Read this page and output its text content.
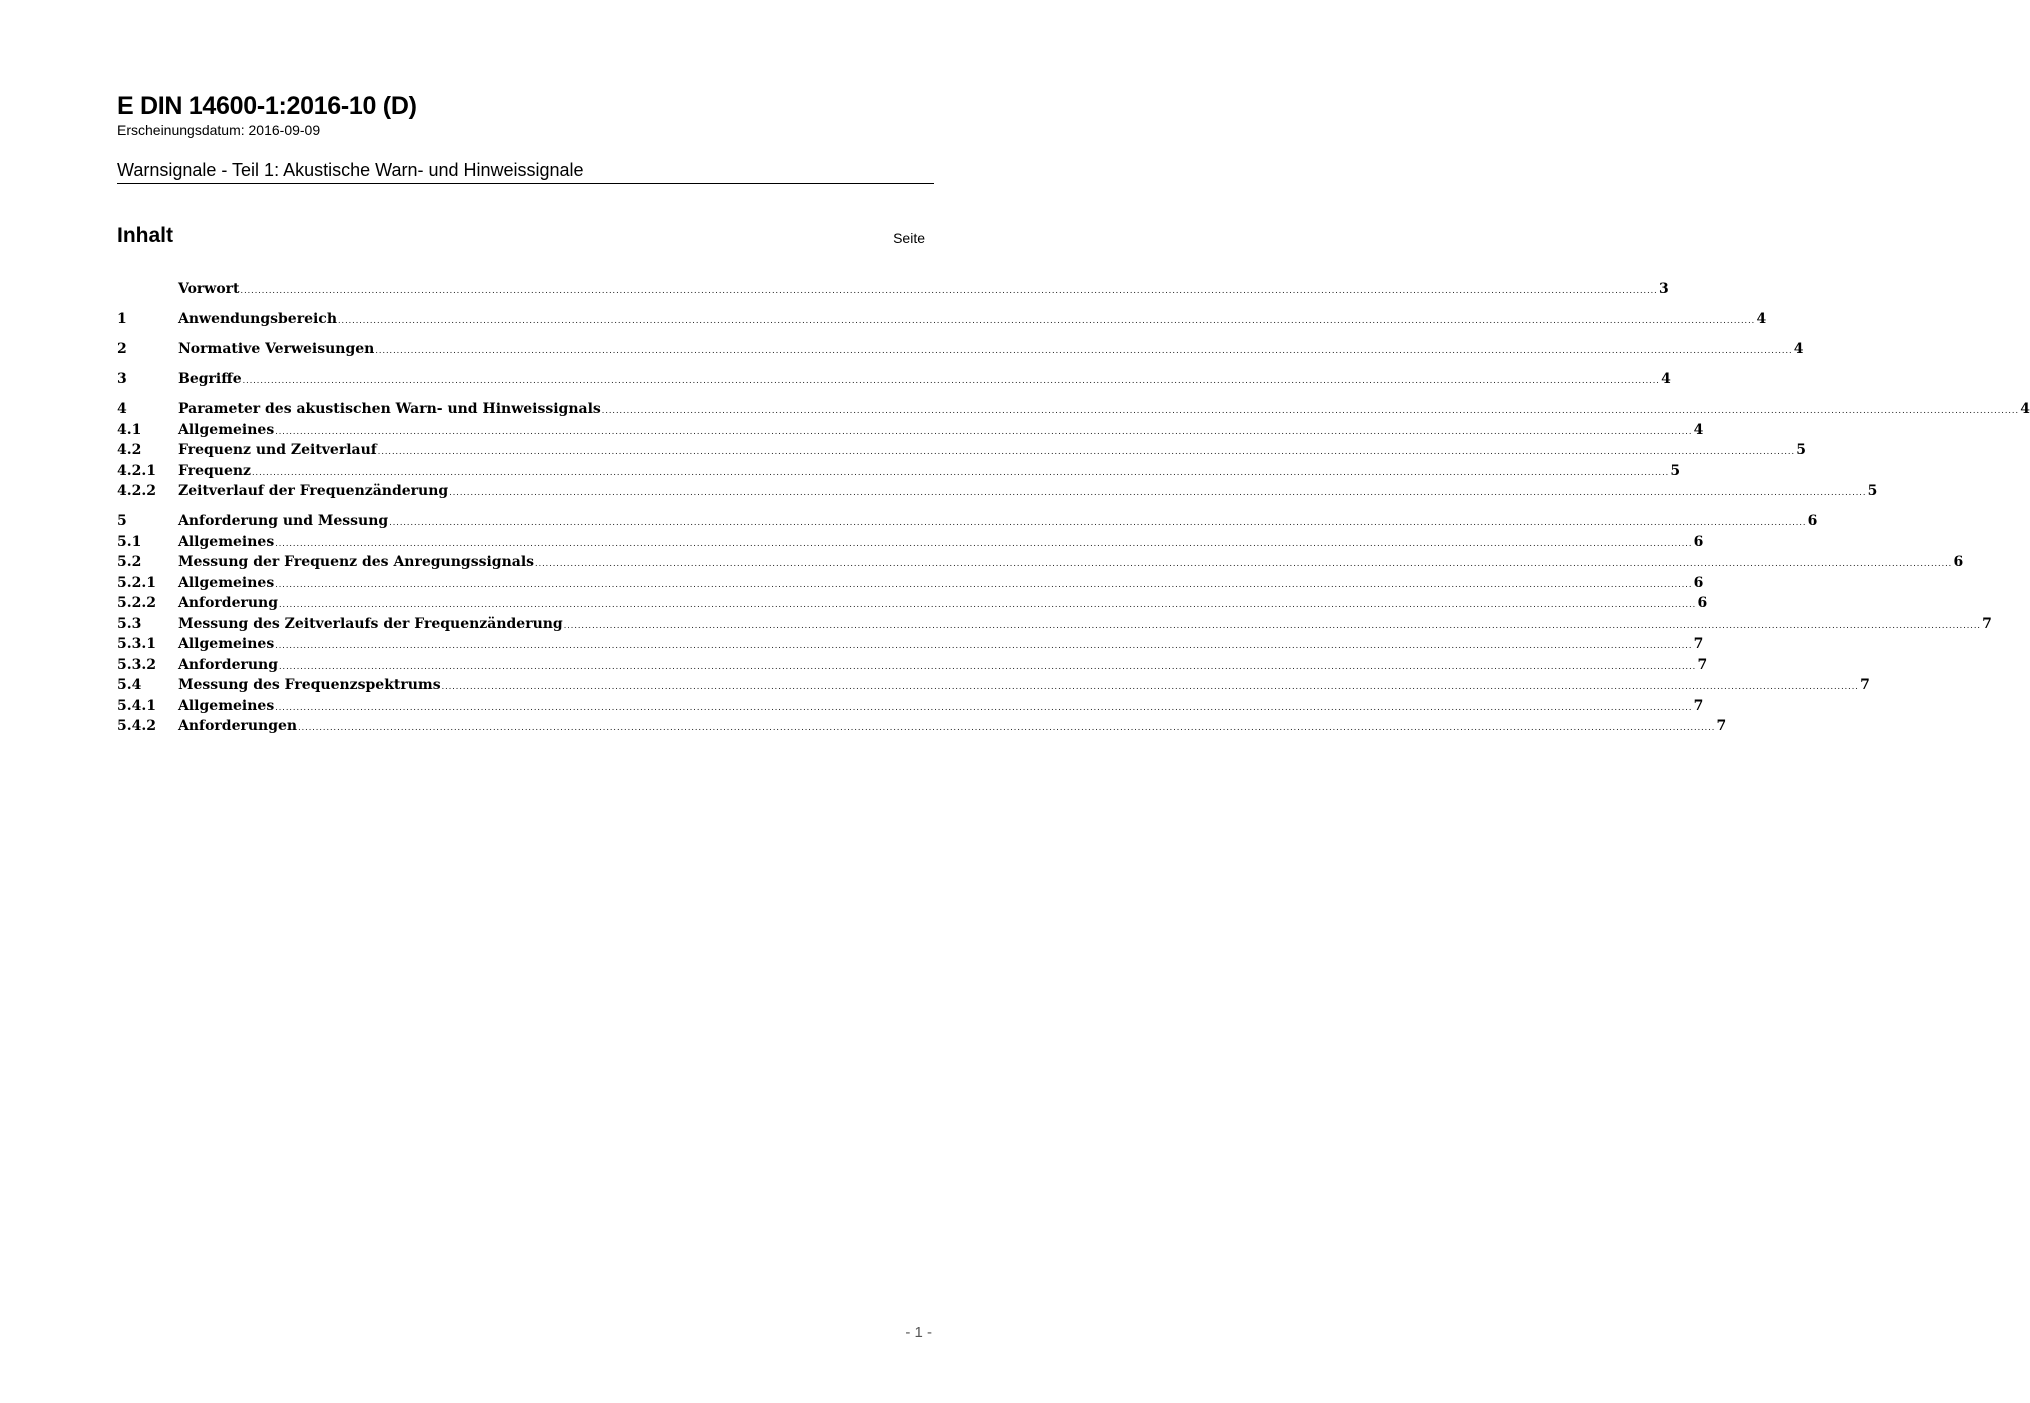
E DIN 14600-1:2016-10 (D)
Erscheinungsdatum: 2016-09-09
Warnsignale - Teil 1: Akustische Warn- und Hinweissignale
Inhalt	Seite
Vorwort ................................................................................................................................................................................................................................................................................................................................................................................................................ 3
1	Anwendungsbereich ................................................................................................................................................................................................................................................................................................................................................................................................................ 4
2	Normative Verweisungen ................................................................................................................................................................................................................................................................................................................................................................................................................ 4
3	Begriffe ................................................................................................................................................................................................................................................................................................................................................................................................................ 4
4	Parameter des akustischen Warn- und Hinweissignals ................................................................................................................................................................................................................................................................................................................................................................................................................ 4
4.1	Allgemeines ................................................................................................................................................................................................................................................................................................................................................................................................................ 4
4.2	Frequenz und Zeitverlauf ................................................................................................................................................................................................................................................................................................................................................................................................................ 5
4.2.1	Frequenz ................................................................................................................................................................................................................................................................................................................................................................................................................ 5
4.2.2	Zeitverlauf der Frequenzänderung ................................................................................................................................................................................................................................................................................................................................................................................................................ 5
5	Anforderung und Messung ................................................................................................................................................................................................................................................................................................................................................................................................................ 6
5.1	Allgemeines ................................................................................................................................................................................................................................................................................................................................................................................................................ 6
5.2	Messung der Frequenz des Anregungssignals ................................................................................................................................................................................................................................................................................................................................................................................................................ 6
5.2.1	Allgemeines ................................................................................................................................................................................................................................................................................................................................................................................................................ 6
5.2.2	Anforderung ................................................................................................................................................................................................................................................................................................................................................................................................................ 6
5.3	Messung des Zeitverlaufs der Frequenzänderung ................................................................................................................................................................................................................................................................................................................................................................................................................ 7
5.3.1	Allgemeines ................................................................................................................................................................................................................................................................................................................................................................................................................ 7
5.3.2	Anforderung ................................................................................................................................................................................................................................................................................................................................................................................................................ 7
5.4	Messung des Frequenzspektrums ................................................................................................................................................................................................................................................................................................................................................................................................................ 7
5.4.1	Allgemeines ................................................................................................................................................................................................................................................................................................................................................................................................................ 7
5.4.2	Anforderungen ................................................................................................................................................................................................................................................................................................................................................................................................................ 7
- 1 -
